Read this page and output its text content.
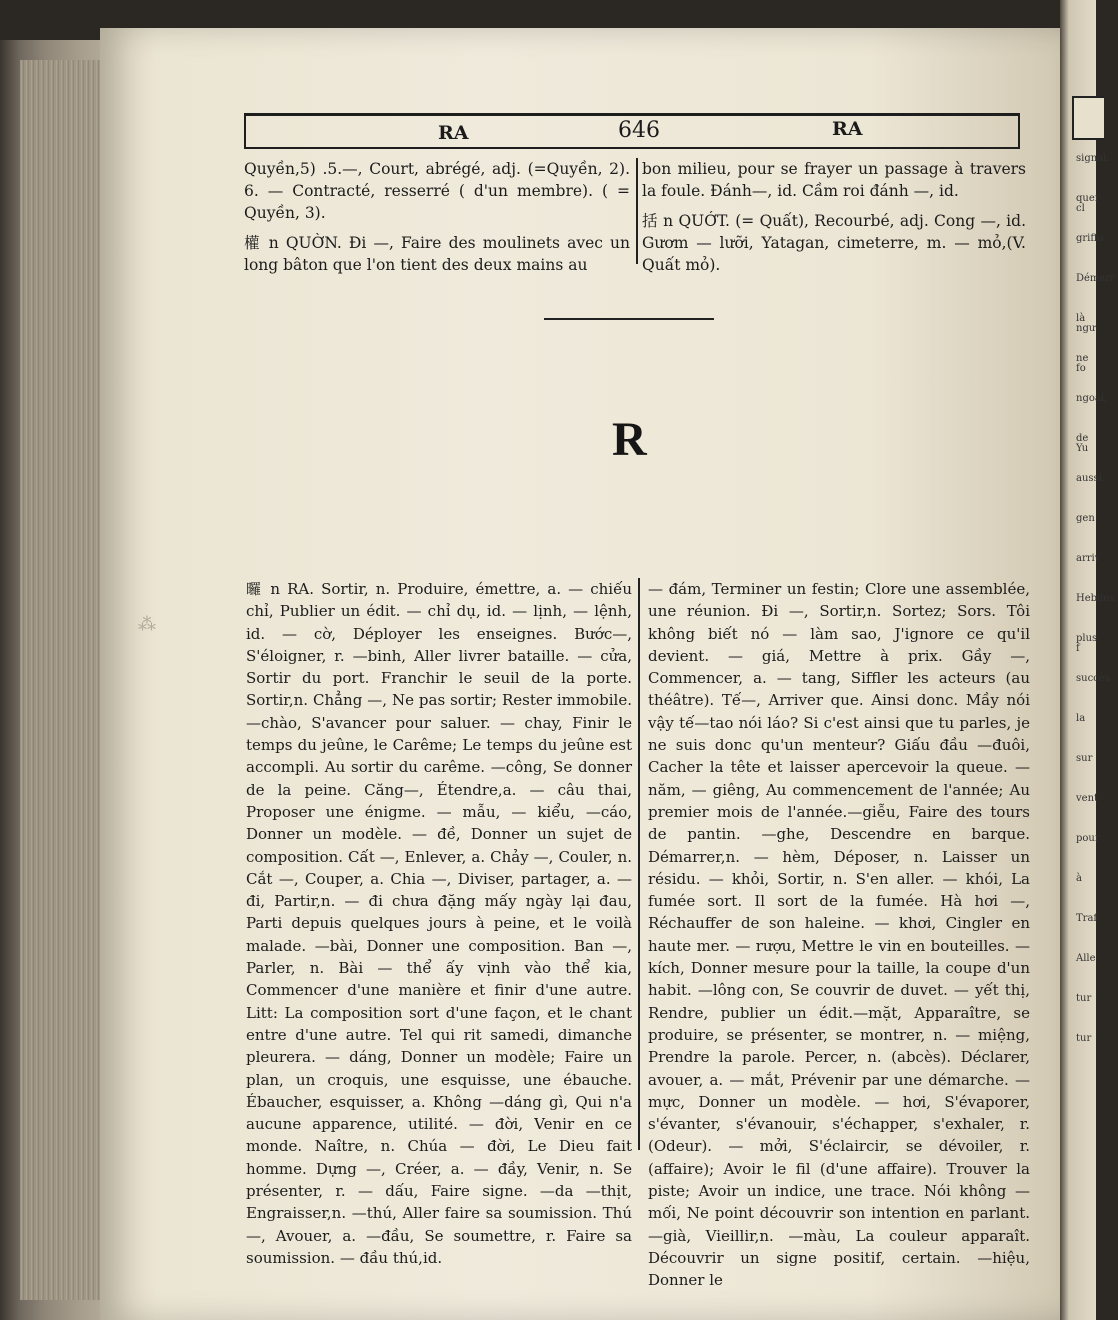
signal.
quer cl
griffo
Démarr
là ngư
ne fo
ngoài,
de Yu
aussi
gen
arriv
Hebiles.
plus f
succès
la
sur
vent
pour
à
Traf
Alle
tur
tur
RA	646	RA

Quyền,5) .5.—, Court, abrégé, adj. (=Quyền, 2). 6. — Contracté, resserré ( d'un membre). ( = Quyền, 3).

權 n QUỜN. Đi —, Faire des moulinets avec un long bâton que l'on tient des deux mains au

bon milieu, pour se frayer un passage à travers la foule. Đánh—, id. Cầm roi đánh —, id.

括 n QUỚT. (= Quất), Recourbé, adj. Cong —, id. Gươm — lưỡi, Yatagan, cimeterre, m. — mỏ,(V. Quất mỏ).

R
⁂

曪 n RA. Sortir, n. Produire, émettre, a. — chiếu chỉ, Publier un édit. — chỉ dụ, id. — lịnh, — lệnh, id. — cờ, Déployer les enseignes. Bước—, S'éloigner, r. —binh, Aller livrer bataille. — cửa, Sortir du port. Franchir le seuil de la porte. Sortir,n. Chẳng —, Ne pas sortir; Rester immobile. —chào, S'avancer pour saluer. — chay, Finir le temps du jeûne, le Carême; Le temps du jeûne est accompli. Au sortir du carême. —công, Se donner de la peine. Căng—, Étendre,a. — câu thai, Proposer une énigme. — mẫu, — kiểu, —cáo, Donner un modèle. — đề, Donner un sujet de composition. Cất —, Enlever, a. Chảy —, Couler, n. Cắt —, Couper, a. Chia —, Diviser, partager, a. — đi, Partir,n. — đi chưa đặng mấy ngày lại đau, Parti depuis quelques jours à peine, et le voilà malade. —bài, Donner une composition. Ban —, Parler, n. Bài — thể ấy vịnh vào thể kia, Commencer d'une manière et finir d'une autre. Litt: La composition sort d'une façon, et le chant entre d'une autre. Tel qui rit samedi, dimanche pleurera. — dáng, Donner un modèle; Faire un plan, un croquis, une esquisse, une ébauche. Ébaucher, esquisser, a. Không —dáng gì, Qui n'a aucune apparence, utilité. — đời, Venir en ce monde. Naître, n. Chúa — đời, Le Dieu fait homme. Dựng —, Créer, a. — đầy, Venir, n. Se présenter, r. — dấu, Faire signe. —da —thịt, Engraisser,n. —thú, Aller faire sa soumission. Thú —, Avouer, a. —đầu, Se soumettre, r. Faire sa soumission. — đầu thú,id.

— đám, Terminer un festin; Clore une assemblée, une réunion. Đi —, Sortir,n. Sortez; Sors. Tôi không biết nó — làm sao, J'ignore ce qu'il devient. — giá, Mettre à prix. Gầy —, Commencer, a. — tang, Siffler les acteurs (au théâtre). Tế—, Arriver que. Ainsi donc. Mầy nói vậy tế—tao nói láo? Si c'est ainsi que tu parles, je ne suis donc qu'un menteur? Giấu đầu —đuôi, Cacher la tête et laisser apercevoir la queue. — năm, — giêng, Au commencement de l'année; Au premier mois de l'année.—giễu, Faire des tours de pantin. —ghe, Descendre en barque. Démarrer,n. — hèm, Déposer, n. Laisser un résidu. — khỏi, Sortir, n. S'en aller. — khói, La fumée sort. Il sort de la fumée. Hà hơi —, Réchauffer de son haleine. — khơi, Cingler en haute mer. — rượu, Mettre le vin en bouteilles. —kích, Donner mesure pour la taille, la coupe d'un habit. —lông con, Se couvrir de duvet. — yết thị, Rendre, publier un édit.—mặt, Apparaître, se produire, se présenter, se montrer, n. — miệng, Prendre la parole. Percer, n. (abcès). Déclarer, avouer, a. — mắt, Prévenir par une démarche. — mực, Donner un modèle. — hơi, S'évaporer, s'évanter, s'évanouir, s'échapper, s'exhaler, r. (Odeur). — mởi, S'éclaircir, se dévoiler, r. (affaire); Avoir le fil (d'une affaire). Trouver la piste; Avoir un indice, une trace. Nói không — mối, Ne point découvrir son intention en parlant. —già, Vieillir,n. —màu, La couleur apparaît. Découvrir un signe positif, certain. —hiệu, Donner le
